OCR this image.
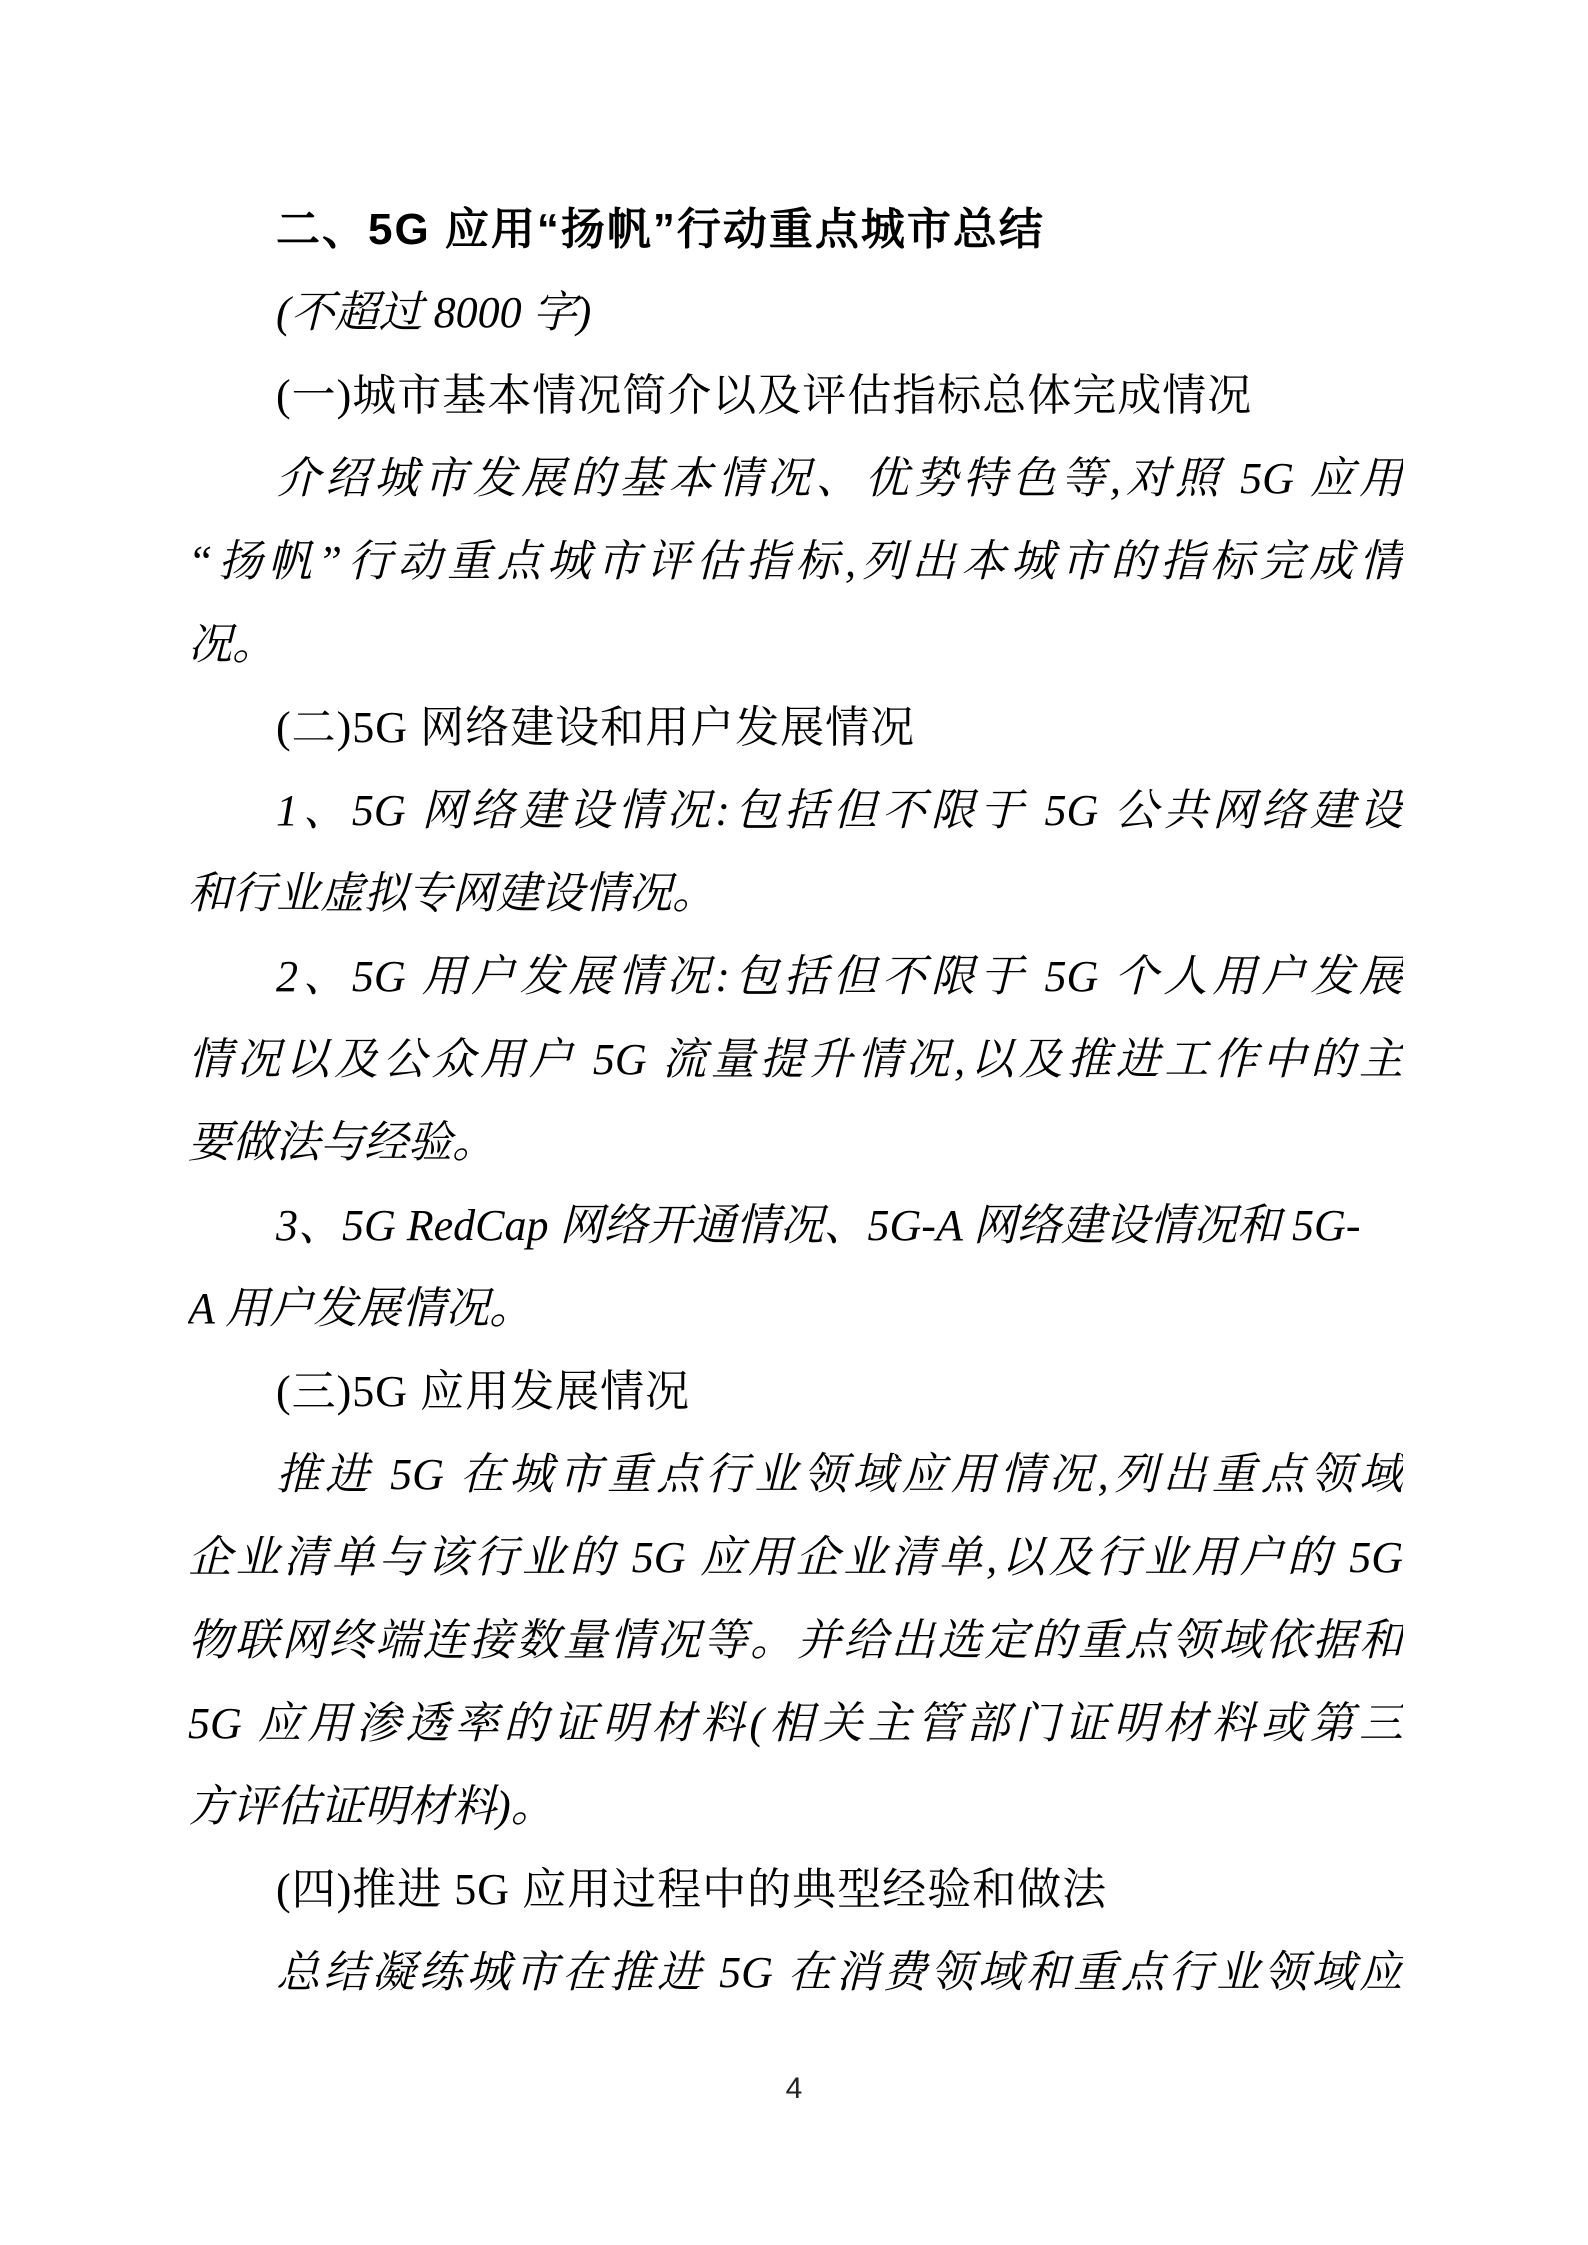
二、5G 应用“扬帆”行动重点城市总结
(不超过 8000 字)
(一)城市基本情况简介以及评估指标总体完成情况
介绍城市发展的基本情况、优势特色等,对照 5G 应用
“扬帆”行动重点城市评估指标,列出本城市的指标完成情
况。
(二)5G 网络建设和用户发展情况
1、5G 网络建设情况:包括但不限于 5G 公共网络建设
和行业虚拟专网建设情况。
2、5G 用户发展情况:包括但不限于 5G 个人用户发展
情况以及公众用户 5G 流量提升情况,以及推进工作中的主
要做法与经验。
3、5G RedCap 网络开通情况、5G-A 网络建设情况和 5G-
A 用户发展情况。
(三)5G 应用发展情况
推进 5G 在城市重点行业领域应用情况,列出重点领域
企业清单与该行业的 5G 应用企业清单,以及行业用户的 5G
物联网终端连接数量情况等。并给出选定的重点领域依据和
5G 应用渗透率的证明材料(相关主管部门证明材料或第三
方评估证明材料)。
(四)推进 5G 应用过程中的典型经验和做法
总结凝练城市在推进 5G 在消费领域和重点行业领域应
4
